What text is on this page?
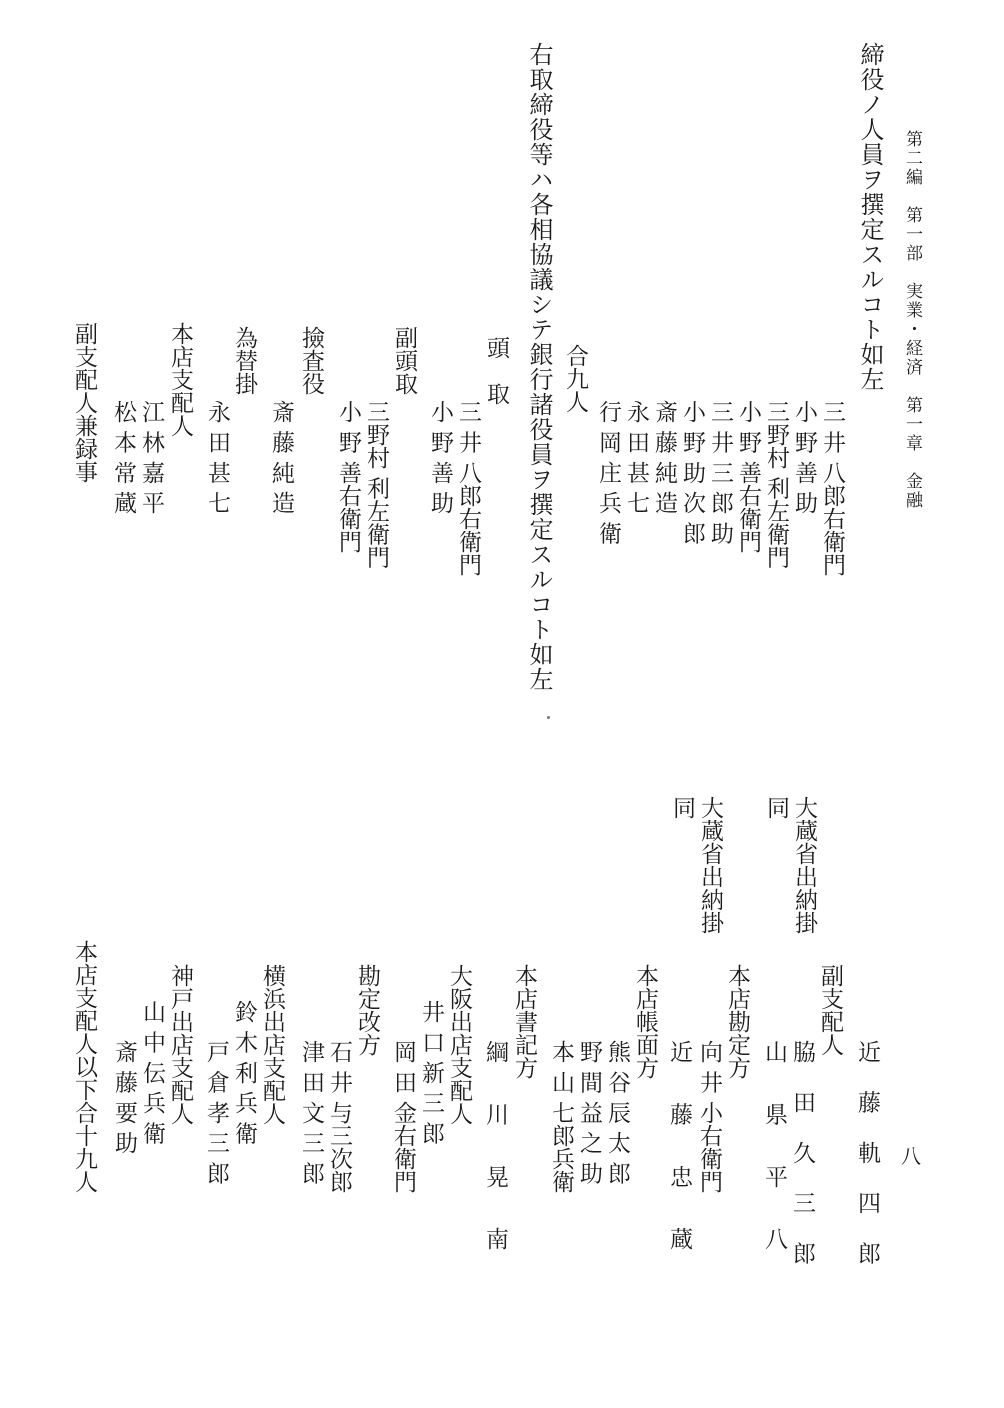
第二編　第一部　実業・経済　第一章　金融
八
締役ノ人員ヲ撰定スルコト如左
三 井 八郎右衛門
小 野 善 助
三野村 利左衛門
小 野 善右衛門
三 井 三 郎 助
小 野 助 次 郎
斎 藤 純 造
永 田 甚 七
行 岡 庄 兵 衛
合九人
右取締役等ハ各相協議シテ銀行諸役員ヲ撰定スルコト如左
頭　取
三 井 八郎右衛門
小 野 善 助
副頭取
三野村 利左衛門
小 野 善右衛門
撿査役
斎 藤 純 造
為替掛
永 田 甚 七
本店支配人
江 林 嘉 平
松 本 常 蔵
副支配人兼録事
大蔵省出納掛
同
大蔵省出納掛
同
近 藤 軌 四 郎
副支配人
脇 田 久 三 郎
山 県 平 八
本店勘定方
向 井 小右衛門
近 藤 忠 蔵
本店帳面方
熊 谷 辰 太 郎
野 間 益 之 助
本 山 七郎兵衛
本店書記方
綱 川 晃 南
大阪出店支配人
井 口 新 三 郎
岡 田 金右衛門
勘定改方
石 井 与三次郎
津 田 文 三 郎
横浜出店支配人
鈴 木 利 兵 衛
戸 倉 孝 三 郎
神戸出店支配人
山 中 伝 兵 衛
斎 藤 要 助
本店支配人以下合十九人
